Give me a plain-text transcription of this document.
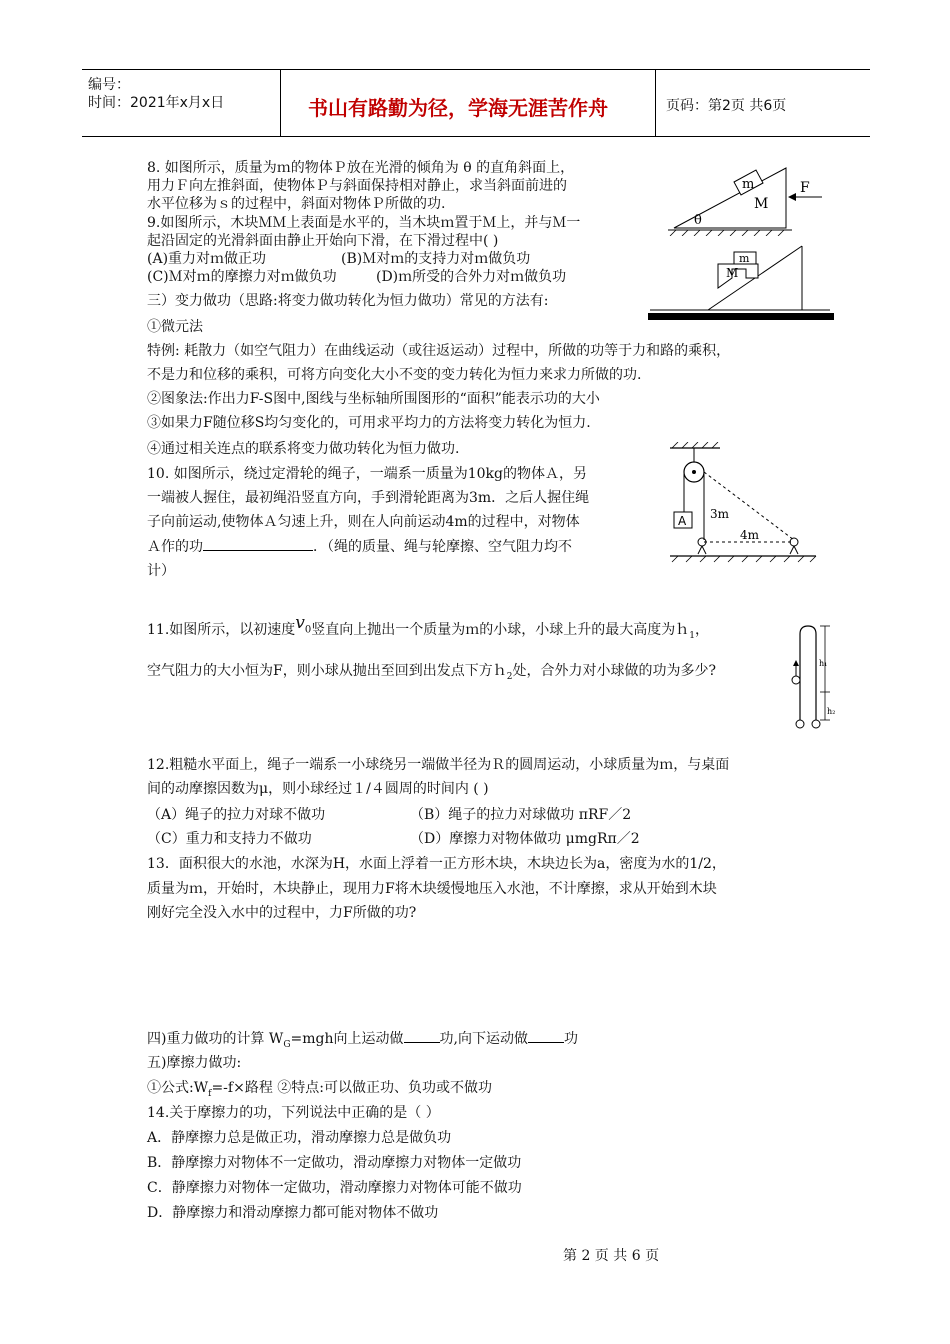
编号：
时间：2021年x月x日	书山有路勤为径，学海无涯苦作舟	页码：第2页 共6页
8. 如图所示，质量为ｍ的物体Ｐ放在光滑的倾角为 θ 的直角斜面上，
用力Ｆ向左推斜面，使物体Ｐ与斜面保持相对静止，求当斜面前进的
水平位移为ｓ的过程中，斜面对物体Ｐ所做的功.
m
M
F
θ
9.如图所示，木块ＭＭ上表面是水平的，当木块ｍ置于Ｍ上，并与Ｍ一
起沿固定的光滑斜面由静止开始向下滑，在下滑过程中( )
(A)重力对ｍ做正功	(B)Ｍ对ｍ的支持力对ｍ做负功
(C)Ｍ对ｍ的摩擦力对ｍ做负功	(D)ｍ所受的合外力对ｍ做负功
m
M
三）变力做功（思路:将变力做功转化为恒力做功）常见的方法有:
①微元法
特例: 耗散力（如空气阻力）在曲线运动（或往返运动）过程中，所做的功等于力和路的乘积，
不是力和位移的乘积，可将方向变化大小不变的变力转化为恒力来求力所做的功.
②图象法:作出力F-S图中,图线与坐标轴所围图形的“面积”能表示功的大小
③如果力F随位移S均匀变化的，可用求平均力的方法将变力转化为恒力.
④通过相关连点的联系将变力做功转化为恒力做功.
10. 如图所示，绕过定滑轮的绳子，一端系一质量为10kg的物体Ａ，另
一端被人握住，最初绳沿竖直方向，手到滑轮距离为3m．之后人握住绳
子向前运动,使物体Ａ匀速上升，则在人向前运动4m的过程中，对物体
Ａ作的功	．（绳的质量、绳与轮摩擦、空气阻力均不
计）
A 3m
4m
11.如图所示，以初速度$v_0$竖直向上抛出一个质量为ｍ的小球，小球上升的最大高度为ｈ$_1$，
空气阻力的大小恒为F，则小球从抛出至回到出发点下方ｈ$_2$处，合外力对小球做的功为多少?	h₁
h₂
12.粗糙水平面上，绳子一端系一小球绕另一端做半径为Ｒ的圆周运动，小球质量为ｍ，与桌面
间的动摩擦因数为μ，则小球经过１/４圆周的时间内 ( )
（A）绳子的拉力对球不做功	（B）绳子的拉力对球做功 πRF／2
（C）重力和支持力不做功	（D）摩擦力对物体做功 μmgRπ／2
13．面积很大的水池，水深为H，水面上浮着一正方形木块，木块边长为a，密度为水的1/2，
质量为ｍ，开始时，木块静止，现用力F将木块缓慢地压入水池，不计摩擦，求从开始到木块
刚好完全没入水中的过程中，力F所做的功?
四)重力做功的计算 $W_G=mgh$向上运动做	功,向下运动做	功
五)摩擦力做功:
①公式$:W_f=-f\times$路程 ②特点:可以做正功、负功或不做功
14.关于摩擦力的功，下列说法中正确的是（ ）
A．静摩擦力总是做正功，滑动摩擦力总是做负功
B．静摩擦力对物体不一定做功，滑动摩擦力对物体一定做功
C．静摩擦力对物体一定做功，滑动摩擦力对物体可能不做功
D．静摩擦力和滑动摩擦力都可能对物体不做功
第 2 页 共 6 页
